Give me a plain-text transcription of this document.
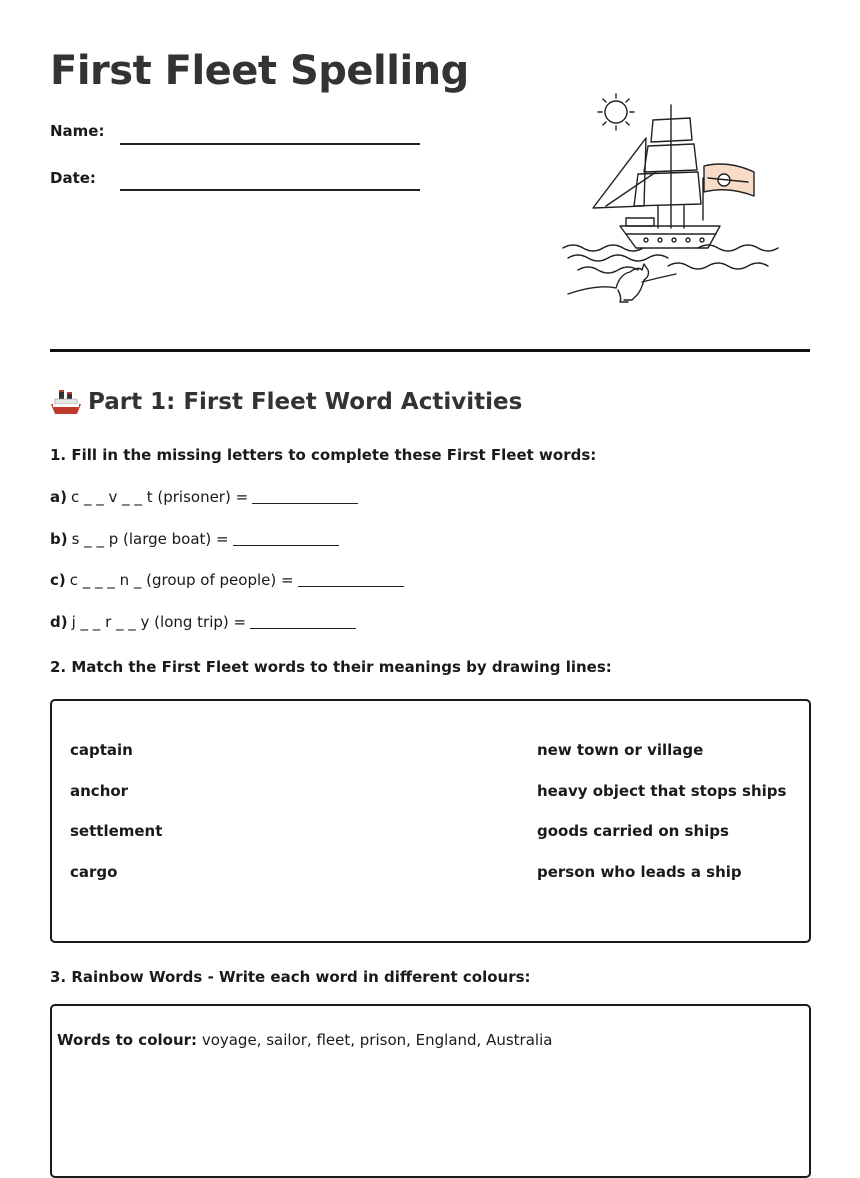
First Fleet Spelling
Name:
Date:
Part 1: First Fleet Word Activities
1. Fill in the missing letters to complete these First Fleet words:
a) c _ _ v _ _ t (prisoner) =
b) s _ _ p (large boat) =
c) c _ _ _ n _ (group of people) =
d) j _ _ r _ _ y (long trip) =
2. Match the First Fleet words to their meanings by drawing lines:
captain
anchor
settlement
cargo
new town or village
heavy object that stops ships
goods carried on ships
person who leads a ship
3. Rainbow Words - Write each word in different colours:
Words to colour: voyage, sailor, fleet, prison, England, Australia
